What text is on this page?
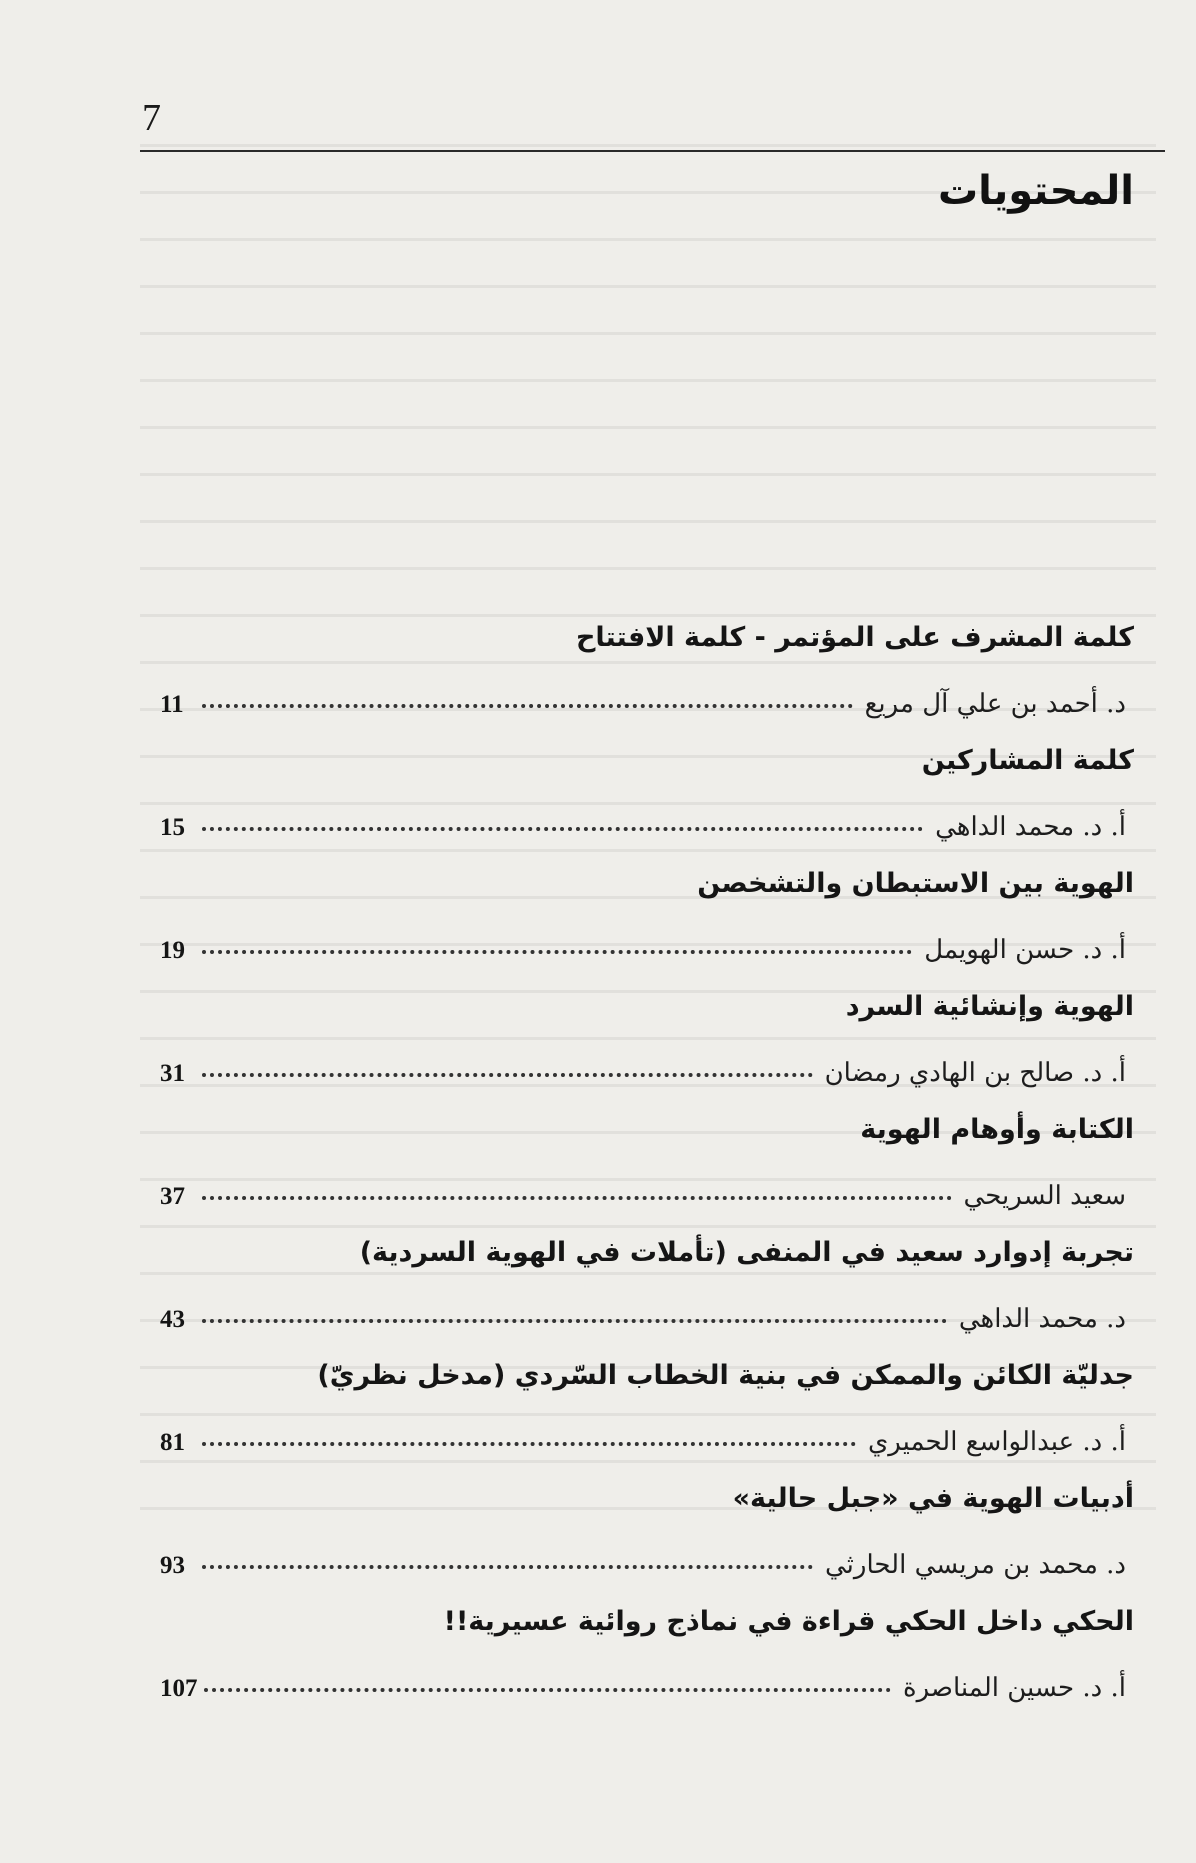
7
المحتويات
كلمة المشرف على المؤتمر - كلمة الافتتاح
د. أحمد بن علي آل مريع
11
كلمة المشاركين
أ. د. محمد الداهي
15
الهوية بين الاستبطان والتشخصن
أ. د. حسن الهويمل
19
الهوية وإنشائية السرد
أ. د. صالح بن الهادي رمضان
31
الكتابة وأوهام الهوية
سعيد السريحي
37
تجربة إدوارد سعيد في المنفى (تأملات في الهوية السردية)
د. محمد الداهي
43
جدليّة الكائن والممكن في بنية الخطاب السّردي (مدخل نظريّ)
أ. د. عبدالواسع الحميري
81
أدبيات الهوية في «جبل حالية»
د. محمد بن مريسي الحارثي
93
الحكي داخل الحكي قراءة في نماذج روائية عسيرية!!
أ. د. حسين المناصرة
107
